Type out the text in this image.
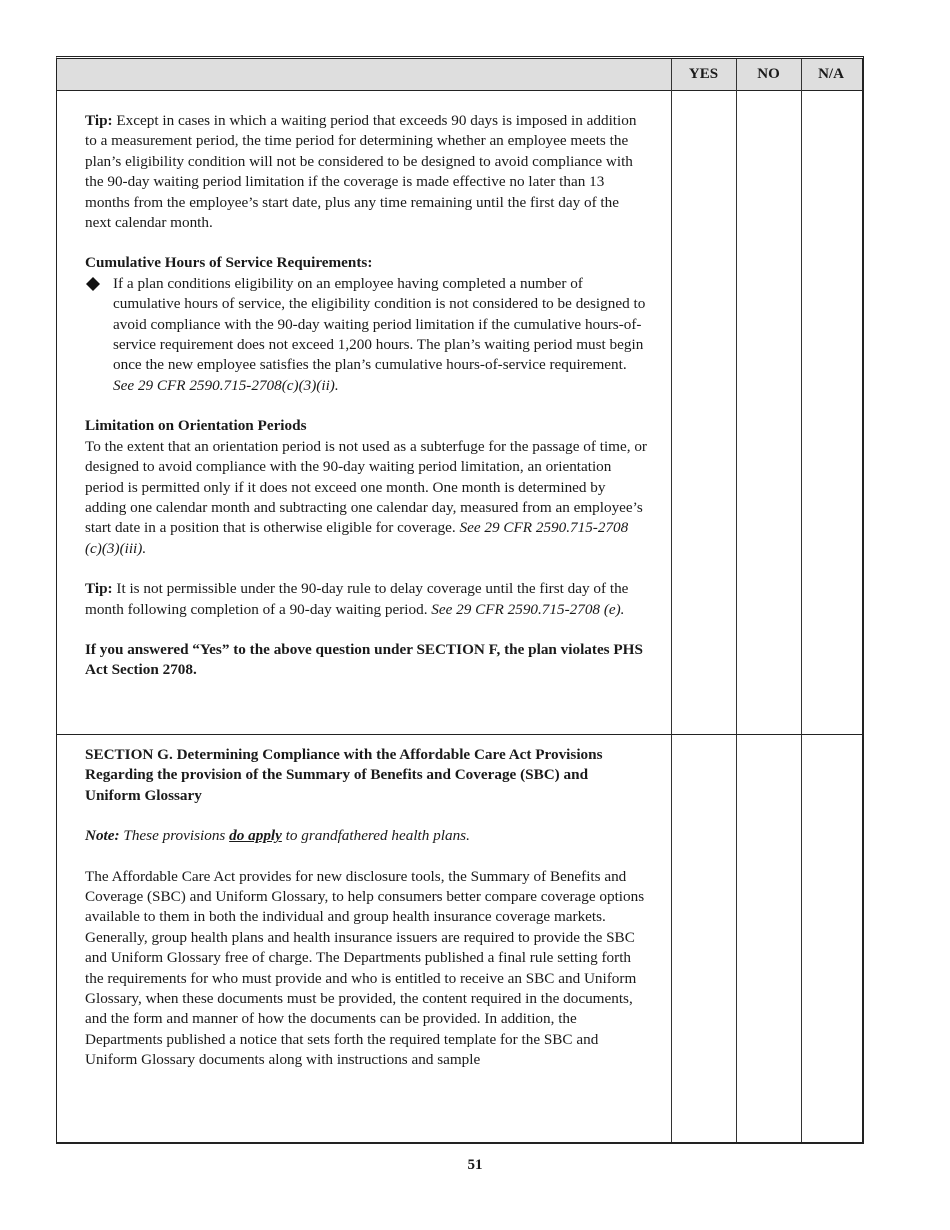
YES	NO	N/A

Tip: Except in cases in which a waiting period that exceeds 90 days is imposed in addition to a measurement period, the time period for determining whether an employee meets the plan’s eligibility condition will not be considered to be designed to avoid compliance with the 90-day waiting period limitation if the coverage is made effective no later than 13 months from the employee’s start date, plus any time remaining until the first day of the next calendar month.

Cumulative Hours of Service Requirements:
If a plan conditions eligibility on an employee having completed a number of cumulative hours of service, the eligibility condition is not considered to be designed to avoid compliance with the 90-day waiting period limitation if the cumulative hours-of-service requirement does not exceed 1,200 hours. The plan’s waiting period must begin once the new employee satisfies the plan’s cumulative hours-of-service requirement. See 29 CFR 2590.715-2708(c)(3)(ii).
Limitation on Orientation Periods
To the extent that an orientation period is not used as a subterfuge for the passage of time, or designed to avoid compliance with the 90-day waiting period limitation, an orientation period is permitted only if it does not exceed one month. One month is determined by adding one calendar month and subtracting one calendar day, measured from an employee’s start date in a position that is otherwise eligible for coverage. See 29 CFR 2590.715-2708 (c)(3)(iii).

Tip: It is not permissible under the 90-day rule to delay coverage until the first day of the month following completion of a 90-day waiting period. See 29 CFR 2590.715-2708 (e).

If you answered “Yes” to the above question under SECTION F, the plan violates PHS Act Section 2708.

SECTION G. Determining Compliance with the Affordable Care Act Provisions Regarding the provision of the Summary of Benefits and Coverage (SBC) and Uniform Glossary

Note: These provisions do apply to grandfathered health plans.

The Affordable Care Act provides for new disclosure tools, the Summary of Benefits and Coverage (SBC) and Uniform Glossary, to help consumers better compare coverage options available to them in both the individual and group health insurance coverage markets. Generally, group health plans and health insurance issuers are required to provide the SBC and Uniform Glossary free of charge. The Departments published a final rule setting forth the requirements for who must provide and who is entitled to receive an SBC and Uniform Glossary, when these documents must be provided, the content required in the documents, and the form and manner of how the documents can be provided. In addition, the Departments published a notice that sets forth the required template for the SBC and Uniform Glossary documents along with instructions and sample

51
